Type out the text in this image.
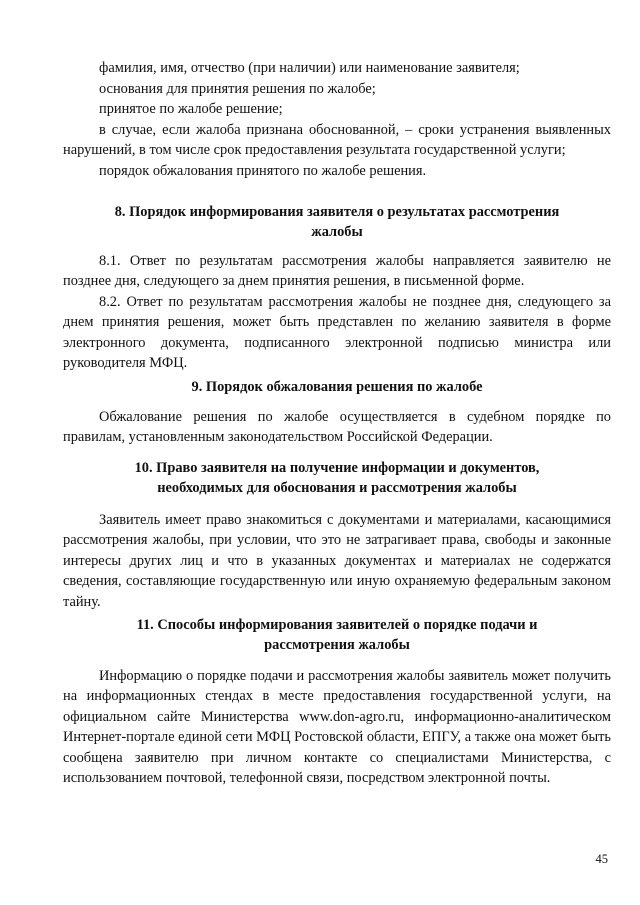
фамилия, имя, отчество (при наличии) или наименование заявителя;

основания для принятия решения по жалобе;

принятое по жалобе решение;

в случае, если жалоба признана обоснованной, – сроки устранения выявленных нарушений, в том числе срок предоставления результата государственной услуги;

порядок обжалования принятого по жалобе решения.

8. Порядок информирования заявителя о результатах рассмотрения
жалобы

8.1. Ответ по результатам рассмотрения жалобы направляется заявителю не позднее дня, следующего за днем принятия решения, в письменной форме.

8.2. Ответ по результатам рассмотрения жалобы не позднее дня, следующего за днем принятия решения, может быть представлен по желанию заявителя в форме электронного документа, подписанного электронной подписью министра или руководителя МФЦ.

9. Порядок обжалования решения по жалобе

Обжалование решения по жалобе осуществляется в судебном порядке по правилам, установленным законодательством Российской Федерации.

10. Право заявителя на получение информации и документов,
необходимых для обоснования и рассмотрения жалобы

Заявитель имеет право знакомиться с документами и материалами, касающимися рассмотрения жалобы, при условии, что это не затрагивает права, свободы и законные интересы других лиц и что в указанных документах и материалах не содержатся сведения, составляющие государственную или иную охраняемую федеральным законом тайну.

11. Способы информирования заявителей о порядке подачи и
рассмотрения жалобы

Информацию о порядке подачи и рассмотрения жалобы заявитель может получить на информационных стендах в месте предоставления государственной услуги, на официальном сайте Министерства www.don-agro.ru, информационно-аналитическом Интернет-портале единой сети МФЦ Ростовской области, ЕПГУ, а также она может быть сообщена заявителю при личном контакте со специалистами Министерства, с использованием почтовой, телефонной связи, посредством электронной почты.

45
